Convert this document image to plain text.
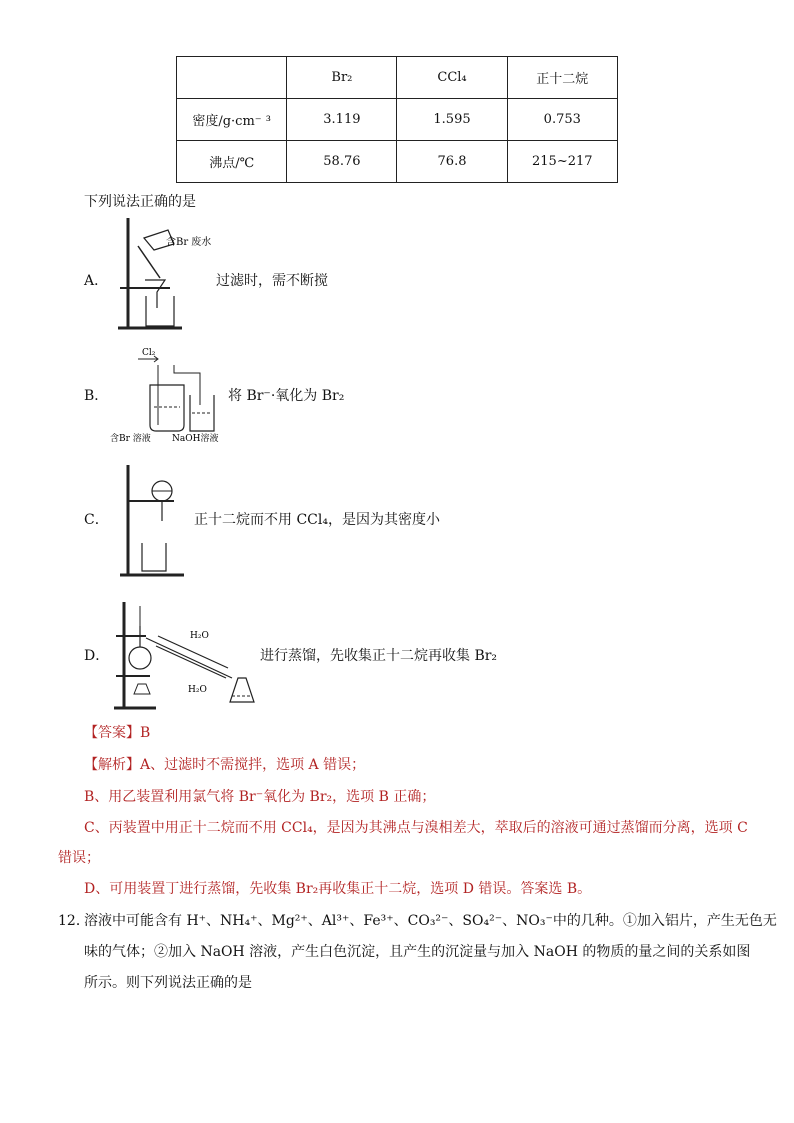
	Br₂	CCl₄	正十二烷
密度/g·cm⁻ ³	3.119	1.595	0.753
沸点/℃	58.76	76.8	215~217
下列说法正确的是
A．
含Br 废水
过滤时，需不断搅
B．
Cl₂
含Br 溶液 NaOH溶液
将 Br⁻·氧化为 Br₂
C．	正十二烷而不用 CCl₄，是因为其密度小
D．
H₂O
H₂O
进行蒸馏，先收集正十二烷再收集 Br₂
【答案】B
【解析】A、过滤时不需搅拌，选项 A 错误；
B、用乙装置利用氯气将 Br⁻氧化为 Br₂，选项 B 正确；
C、丙装置中用正十二烷而不用 CCl₄，是因为其沸点与溴相差大，萃取后的溶液可通过蒸馏而分离，选项 C
错误；
D、可用装置丁进行蒸馏，先收集 Br₂再收集正十二烷，选项 D 错误。答案选 B。
12．
溶液中可能含有 H⁺、NH₄⁺、Mg²⁺、Al³⁺、Fe³⁺、CO₃²⁻、SO₄²⁻、NO₃⁻中的几种。①加入铝片，产生无色无
味的气体；②加入 NaOH 溶液，产生白色沉淀，且产生的沉淀量与加入 NaOH 的物质的量之间的关系如图
所示。则下列说法正确的是
